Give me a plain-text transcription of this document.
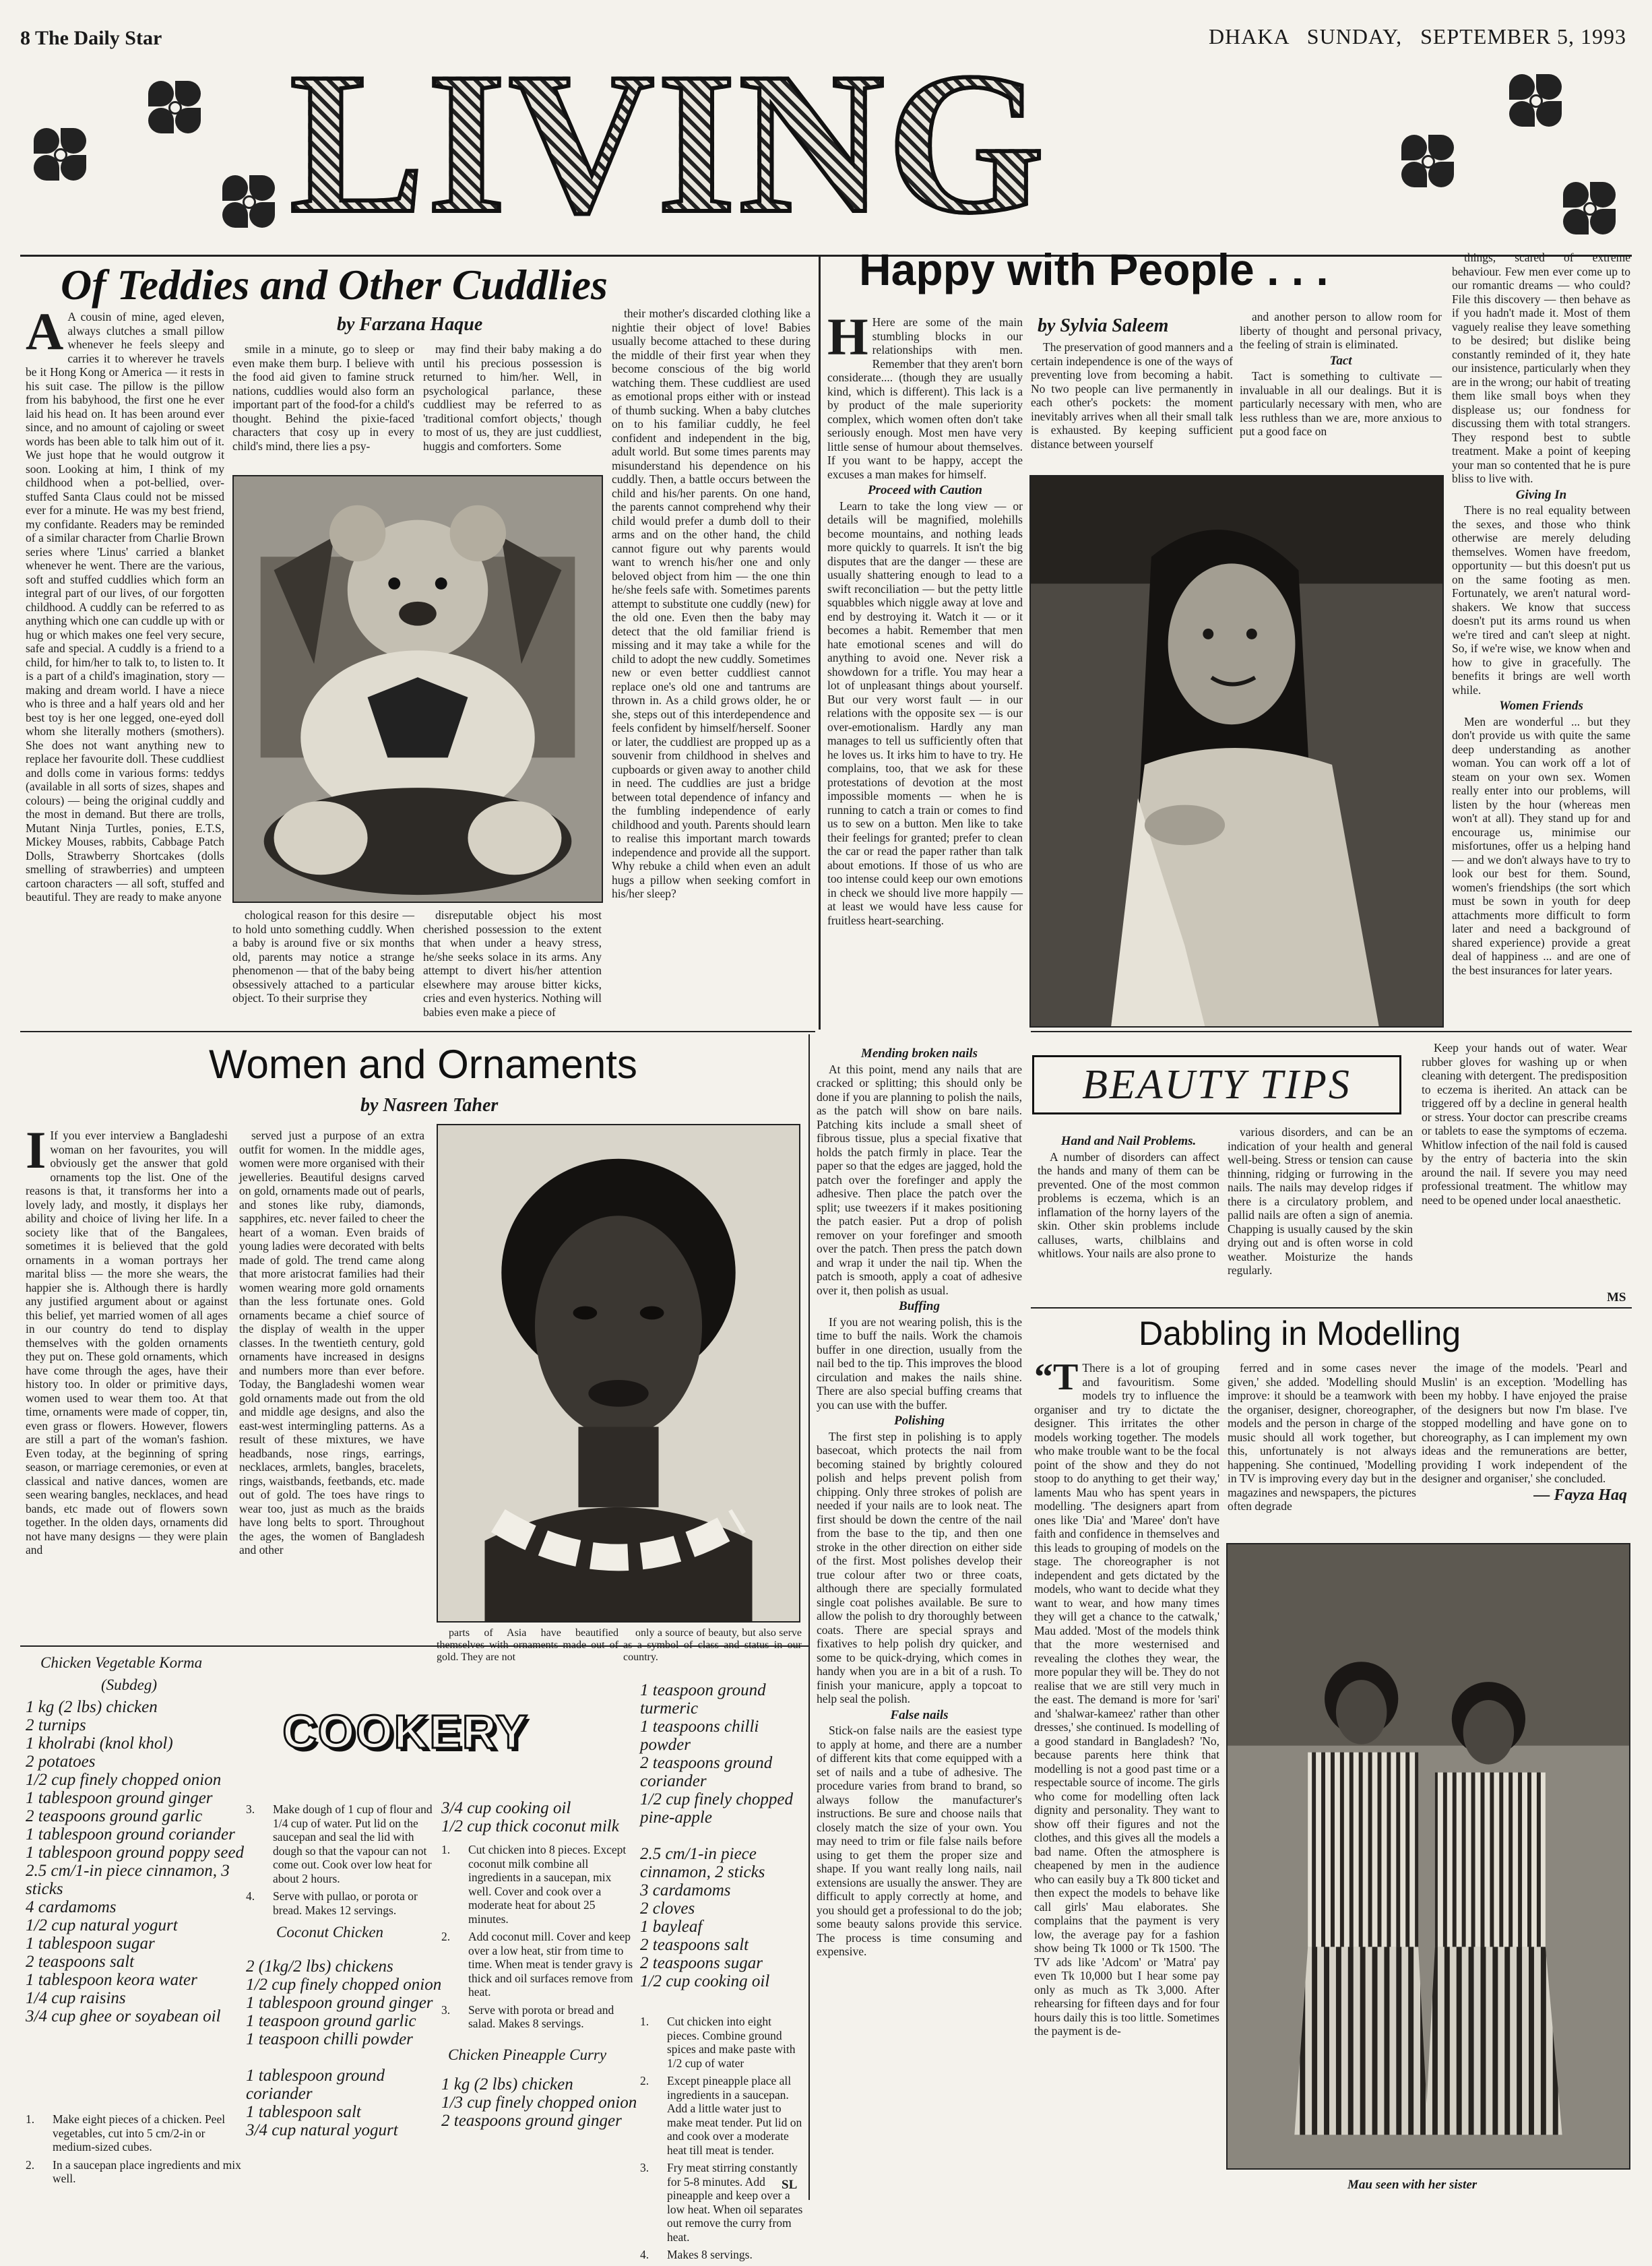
8 The Daily Star	DHAKA SUNDAY, SEPTEMBER 5, 1993
LIVING
Of Teddies and Other Cuddlies
by Farzana Haque

A A cousin of mine, aged eleven, always clutches a small pillow whenever he feels sleepy and carries it to wherever he travels be it Hong Kong or America — it rests in his suit case. The pillow is the pillow from his babyhood, the first one he ever laid his head on. It has been around ever since, and no amount of cajoling or sweet words has been able to talk him out of it. We just hope that he would outgrow it soon. Looking at him, I think of my childhood when a pot-bellied, over-stuffed Santa Claus could not be missed ever for a minute. He was my best friend, my confidante. Readers may be reminded of a similar character from Charlie Brown series where 'Linus' carried a blanket whenever he went. There are the various, soft and stuffed cuddlies which form an integral part of our lives, of our forgotten childhood. A cuddly can be referred to as anything which one can cuddle up with or hug or which makes one feel very secure, safe and special. A cuddly is a friend to a child, for him/her to talk to, to listen to. It is a part of a child's imagination, story — making and dream world. I have a niece who is three and a half years old and her best toy is her one legged, one-eyed doll whom she literally mothers (smothers). She does not want anything new to replace her favourite doll. These cuddliest and dolls come in various forms: teddys (available in all sorts of sizes, shapes and colours) — being the original cuddly and the most in demand. But there are trolls, Mutant Ninja Turtles, ponies, E.T.S, Mickey Mouses, rabbits, Cabbage Patch Dolls, Strawberry Shortcakes (dolls smelling of strawberries) and umpteen cartoon characters — all soft, stuffed and beautiful. They are ready to make anyone

smile in a minute, go to sleep or even make them burp. I believe with the food aid given to famine struck nations, cuddlies would also form an important part of the food-for a child's thought. Behind the pixie-faced characters that cosy up in every child's mind, there lies a psy-

may find their baby making a do until his precious possession is returned to him/her. Well, in psychological parlance, these cuddliest may be referred to as 'traditional comfort objects,' though to most of us, they are just cuddliest, huggis and comforters. Some

chological reason for this desire — to hold unto something cuddly. When a baby is around five or six months old, parents may notice a strange phenomenon — that of the baby being obsessively attached to a particular object. To their surprise they

disreputable object his most cherished possession to the extent that when under a heavy stress, he/she seeks solace in its arms. Any attempt to divert his/her attention elsewhere may arouse bitter kicks, cries and even hysterics. Nothing will babies even make a piece of

their mother's discarded clothing like a nightie their object of love! Babies usually become attached to these during the middle of their first year when they become conscious of the big world watching them. These cuddliest are used as emotional props either with or instead of thumb sucking. When a baby clutches on to his familiar cuddly, he feel confident and independent in the big, adult world. But some times parents may misunderstand his dependence on his cuddly. Then, a battle occurs between the child and his/her parents. On one hand, the parents cannot comprehend why their child would prefer a dumb doll to their arms and on the other hand, the child cannot figure out why parents would want to wrench his/her one and only beloved object from him — the one thin he/she feels safe with. Sometimes parents attempt to substitute one cuddly (new) for the old one. Even then the baby may detect that the old familiar friend is missing and it may take a while for the child to adopt the new cuddly. Sometimes new or even better cuddliest cannot replace one's old one and tantrums are thrown in. As a child grows older, he or she, steps out of this interdependence and feels confident by himself/herself. Sooner or later, the cuddliest are propped up as a souvenir from childhood in shelves and cupboards or given away to another child in need. The cuddlies are just a bridge between total dependence of infancy and the fumbling independence of early childhood and youth. Parents should learn to realise this important march towards independence and provide all the support. Why rebuke a child when even an adult hugs a pillow when seeking comfort in his/her sleep?

Happy with People . . .
by Sylvia Saleem

H Here are some of the main stumbling blocks in our relationships with men. Remember that they aren't born considerate.... (though they are usually kind, which is different). This lack is a by product of the male superiority complex, which women often don't take seriously enough. Most men have very little sense of humour about themselves. If you want to be happy, accept the excuses a man makes for himself.

Proceed with Caution

Learn to take the long view — or details will be magnified, molehills become mountains, and nothing leads more quickly to quarrels. It isn't the big disputes that are the danger — these are usually shattering enough to lead to a swift reconciliation — but the petty little squabbles which niggle away at love and end by destroying it. Watch it — or it becomes a habit. Remember that men hate emotional scenes and will do anything to avoid one. Never risk a showdown for a trifle. You may hear a lot of unpleasant things about yourself. But our very worst fault — in our relations with the opposite sex — is our over-emotionalism. Hardly any man manages to tell us sufficiently often that he loves us. It irks him to have to try. He complains, too, that we ask for these protestations of devotion at the most impossible moments — when he is running to catch a train or comes to find us to sew on a button. Men like to take their feelings for granted; prefer to clean the car or read the paper rather than talk about emotions. If those of us who are too intense could keep our own emotions in check we should live more happily — at least we would have less cause for fruitless heart-searching.

The preservation of good manners and a certain independence is one of the ways of preventing love from becoming a habit. No two people can live permanently in each other's pockets: the moment inevitably arrives when all their small talk is exhausted. By keeping sufficient distance between yourself

and another person to allow room for liberty of thought and personal privacy, the feeling of strain is eliminated.

Tact

Tact is something to cultivate — invaluable in all our dealings. But it is particularly necessary with men, who are less ruthless than we are, more anxious to put a good face on

things, scared of extreme behaviour. Few men ever come up to our romantic dreams — who could? File this discovery — then behave as if you hadn't made it. Most of them vaguely realise they leave something to be desired; but dislike being constantly reminded of it, they hate our insistence, particularly when they are in the wrong; our habit of treating them like small boys when they displease us; our fondness for discussing them with total strangers. They respond best to subtle treatment. Make a point of keeping your man so contented that he is pure bliss to live with.

Giving In

There is no real equality between the sexes, and those who think otherwise are merely deluding themselves. Women have freedom, opportunity — but this doesn't put us on the same footing as men. Fortunately, we aren't natural word-shakers. We know that success doesn't put its arms round us when we're tired and can't sleep at night. So, if we're wise, we know when and how to give in gracefully. The benefits it brings are well worth while.

Women Friends

Men are wonderful ... but they don't provide us with quite the same deep understanding as another woman. You can work off a lot of steam on your own sex. Women really enter into our problems, will listen by the hour (whereas men won't at all). They stand up for and encourage us, minimise our misfortunes, offer us a helping hand — and we don't always have to try to look our best for them. Sound, women's friendships (the sort which must be sown in youth for deep attachments more difficult to form later and need a background of shared experience) provide a great deal of happiness ... and are one of the best insurances for later years.

Women and Ornaments
by Nasreen Taher

I If you ever interview a Bangladeshi woman on her favourites, you will obviously get the answer that gold ornaments top the list. One of the reasons is that, it transforms her into a lovely lady, and mostly, it displays her ability and choice of living her life. In a society like that of the Bangalees, sometimes it is believed that the gold ornaments in a woman portrays her marital bliss — the more she wears, the happier she is. Although there is hardly any justified argument about or against this belief, yet married women of all ages in our country do tend to display themselves with the golden ornaments they put on. These gold ornaments, which have come through the ages, have their history too. In older or primitive days, women used to wear them too. At that time, ornaments were made of copper, tin, even grass or flowers. However, flowers are still a part of the woman's fashion. Even today, at the beginning of spring season, or marriage ceremonies, or even at classical and native dances, women are seen wearing bangles, necklaces, and head bands, etc made out of flowers sown together. In the olden days, ornaments did not have many designs — they were plain and

served just a purpose of an extra outfit for women. In the middle ages, women were more organised with their jewelleries. Beautiful designs carved on gold, ornaments made out of pearls, and stones like ruby, diamonds, sapphires, etc. never failed to cheer the heart of a woman. Even braids of young ladies were decorated with belts made of gold. The trend came along that more aristocrat families had their women wearing more gold ornaments than the less fortunate ones. Gold ornaments became a chief source of the display of wealth in the upper classes. In the twentieth century, gold ornaments have increased in designs and numbers more than ever before. Today, the Bangladeshi women wear gold ornaments made out from the old and middle age designs, and also the east-west intermingling patterns. As a result of these mixtures, we have headbands, nose rings, earrings, necklaces, armlets, bangles, bracelets, rings, waistbands, feetbands, etc. made out of gold. The toes have rings to wear too, just as much as the braids have long belts to sport. Throughout the ages, the women of Bangladesh and other

parts of Asia have beautified themselves with ornaments made out of gold. They are not

only a source of beauty, but also serve as a symbol of class and status in our country.

Mending broken nails

At this point, mend any nails that are cracked or splitting; this should only be done if you are planning to polish the nails, as the patch will show on bare nails. Patching kits include a small sheet of fibrous tissue, plus a special fixative that holds the patch firmly in place. Tear the paper so that the edges are jagged, hold the patch over the forefinger and apply the adhesive. Then place the patch over the split; use tweezers if it makes positioning the patch easier. Put a drop of polish remover on your forefinger and smooth over the patch. Then press the patch down and wrap it under the nail tip. When the patch is smooth, apply a coat of adhesive over it, then polish as usual.

Buffing

If you are not wearing polish, this is the time to buff the nails. Work the chamois buffer in one direction, usually from the nail bed to the tip. This improves the blood circulation and makes the nails shine. There are also special buffing creams that you can use with the buffer.

Polishing

The first step in polishing is to apply basecoat, which protects the nail from becoming stained by brightly coloured polish and helps prevent polish from chipping. Only three strokes of polish are needed if your nails are to look neat. The first should be down the centre of the nail from the base to the tip, and then one stroke in the other direction on either side of the first. Most polishes develop their true colour after two or three coats, although there are specially formulated single coat polishes available. Be sure to allow the polish to dry thoroughly between coats. There are special sprays and fixatives to help polish dry quicker, and some to be quick-drying, which comes in handy when you are in a bit of a rush. To finish your manicure, apply a topcoat to help seal the polish.

False nails

Stick-on false nails are the easiest type to apply at home, and there are a number of different kits that come equipped with a set of nails and a tube of adhesive. The procedure varies from brand to brand, so always follow the manufacturer's instructions. Be sure and choose nails that closely match the size of your own. You may need to trim or file false nails before using to get them the proper size and shape. If you want really long nails, nail extensions are usually the answer. They are difficult to apply correctly at home, and you should get a professional to do the job; some beauty salons provide this service. The process is time consuming and expensive.

BEAUTY TIPS

Hand and Nail Problems.

A number of disorders can affect the hands and many of them can be prevented. One of the most common problems is eczema, which is an inflamation of the horny layers of the skin. Other skin problems include calluses, warts, chilblains and whitlows. Your nails are also prone to

various disorders, and can be an indication of your health and general well-being. Stress or tension can cause thinning, ridging or furrowing in the nails. The nails may develop ridges if there is a circulatory problem, and pallid nails are often a sign of anemia. Chapping is usually caused by the skin drying out and is often worse in cold weather. Moisturize the hands regularly.

Keep your hands out of water. Wear rubber gloves for washing up or when cleaning with detergent. The predisposition to eczema is iherited. An attack can be triggered off by a decline in general health or stress. Your doctor can prescribe creams or tablets to ease the symptoms of eczema. Whitlow infection of the nail fold is caused by the entry of bacteria into the skin around the nail. If severe you may need professional treatment. The whitlow may need to be opened under local anaesthetic.

MS
Dabbling in Modelling

“T There is a lot of grouping and favouritism. Some models try to influence the organiser and try to dictate the designer. This irritates the other models working together. The models who make trouble want to be the focal point of the show and they do not stoop to do anything to get their way,' laments Mau who has spent years in modelling. 'The designers apart from ones like 'Dia' and 'Maree' don't have faith and confidence in themselves and this leads to grouping of models on the stage. The choreographer is not independent and gets dictated by the models, who want to decide what they want to wear, and how many times they will get a chance to the catwalk,' Mau added. 'Most of the models think that the more westernised and revealing the clothes they wear, the more popular they will be. They do not realise that we are still very much in the east. The demand is more for 'sari' and 'shalwar-kameez' rather than other dresses,' she continued. Is modelling of a good standard in Bangladesh? 'No, because parents here think that modelling is not a good past time or a respectable source of income. The girls who come for modelling often lack dignity and personality. They want to show off their figures and not the clothes, and this gives all the models a bad name. Often the atmosphere is cheapened by men in the audience who can easily buy a Tk 800 ticket and then expect the models to behave like call girls' Mau elaborates. She complains that the payment is very low, the average pay for a fashion show being Tk 1000 or Tk 1500. 'The TV ads like 'Adcom' or 'Matra' pay even Tk 10,000 but I hear some pay only as much as Tk 3,000. After rehearsing for fifteen days and for four hours daily this is too little. Sometimes the payment is de-

ferred and in some cases never given,' she added. 'Modelling should improve: it should be a teamwork with the organiser, designer, choreographer, models and the person in charge of the music should all work together, but this, unfortunately is not always happening. She continued, 'Modelling in TV is improving every day but in the magazines and newspapers, the pictures often degrade

the image of the models. 'Pearl and Muslin' is an exception. 'Modelling has been my hobby. I have enjoyed the praise of the designers but now I'm blase. I've stopped modelling and have gone on to choreography, as I can implement my own ideas and the remunerations are better, providing I work independent of the designer and organiser,' she concluded.

— Fayza Haq

Mau seen with her sister
Chicken Vegetable Korma
(Subdeg)
COOKERY
1 kg (2 lbs) chicken
2 turnips
1 kholrabi (knol khol)
2 potatoes
1/2 cup finely chopped onion
1 tablespoon ground ginger
2 teaspoons ground garlic
1 tablespoon ground coriander
1 tablespoon ground poppy seed
2.5 cm/1-in piece cinnamon, 3 sticks
4 cardamoms
1/2 cup natural yogurt
1 tablespoon sugar
2 teaspoons salt
1 tablespoon keora water
1/4 cup raisins
3/4 cup ghee or soyabean oil
1.	Make eight pieces of a chicken. Peel vegetables, cut into 5 cm/2-in or medium-sized cubes.
2.	In a saucepan place ingredients and mix well.
3.	Make dough of 1 cup of flour and 1/4 cup of water. Put lid on the saucepan and seal the lid with dough so that the vapour can not come out. Cook over low heat for about 2 hours.
4.	Serve with pullao, or porota or bread. Makes 12 servings.
Coconut Chicken
2 (1kg/2 lbs) chickens
1/2 cup finely chopped onion
1 tablespoon ground ginger
1 teaspoon ground garlic
1 teaspoon chilli powder

1 tablespoon ground coriander
1 tablespoon salt
3/4 cup natural yogurt
3/4 cup cooking oil
1/2 cup thick coconut milk
1.	Cut chicken into 8 pieces. Except coconut milk combine all ingredients in a saucepan, mix well. Cover and cook over a moderate heat for about 25 minutes.
2.	Add coconut mill. Cover and keep over a low heat, stir from time to time. When meat is tender gravy is thick and oil surfaces remove from heat.
3.	Serve with porota or bread and salad. Makes 8 servings.
Chicken Pineapple Curry
1 kg (2 lbs) chicken
1/3 cup finely chopped onion
2 teaspoons ground ginger
1 teaspoon ground turmeric
1 teaspoons chilli powder
2 teaspoons ground coriander
1/2 cup finely chopped pine-apple

2.5 cm/1-in piece cinnamon, 2 sticks
3 cardamoms
2 cloves
1 bayleaf
2 teaspoons salt
2 teaspoons sugar
1/2 cup cooking oil
1.	Cut chicken into eight pieces. Combine ground spices and make paste with 1/2 cup of water
2.	Except pineapple place all ingredients in a saucepan. Add a little water just to make meat tender. Put lid on and cook over a moderate heat till meat is tender.
3.	Fry meat stirring constantly for 5-8 minutes. Add pineapple and keep over a low heat. When oil separates out remove the curry from heat.
4.	Makes 8 servings.
SL
